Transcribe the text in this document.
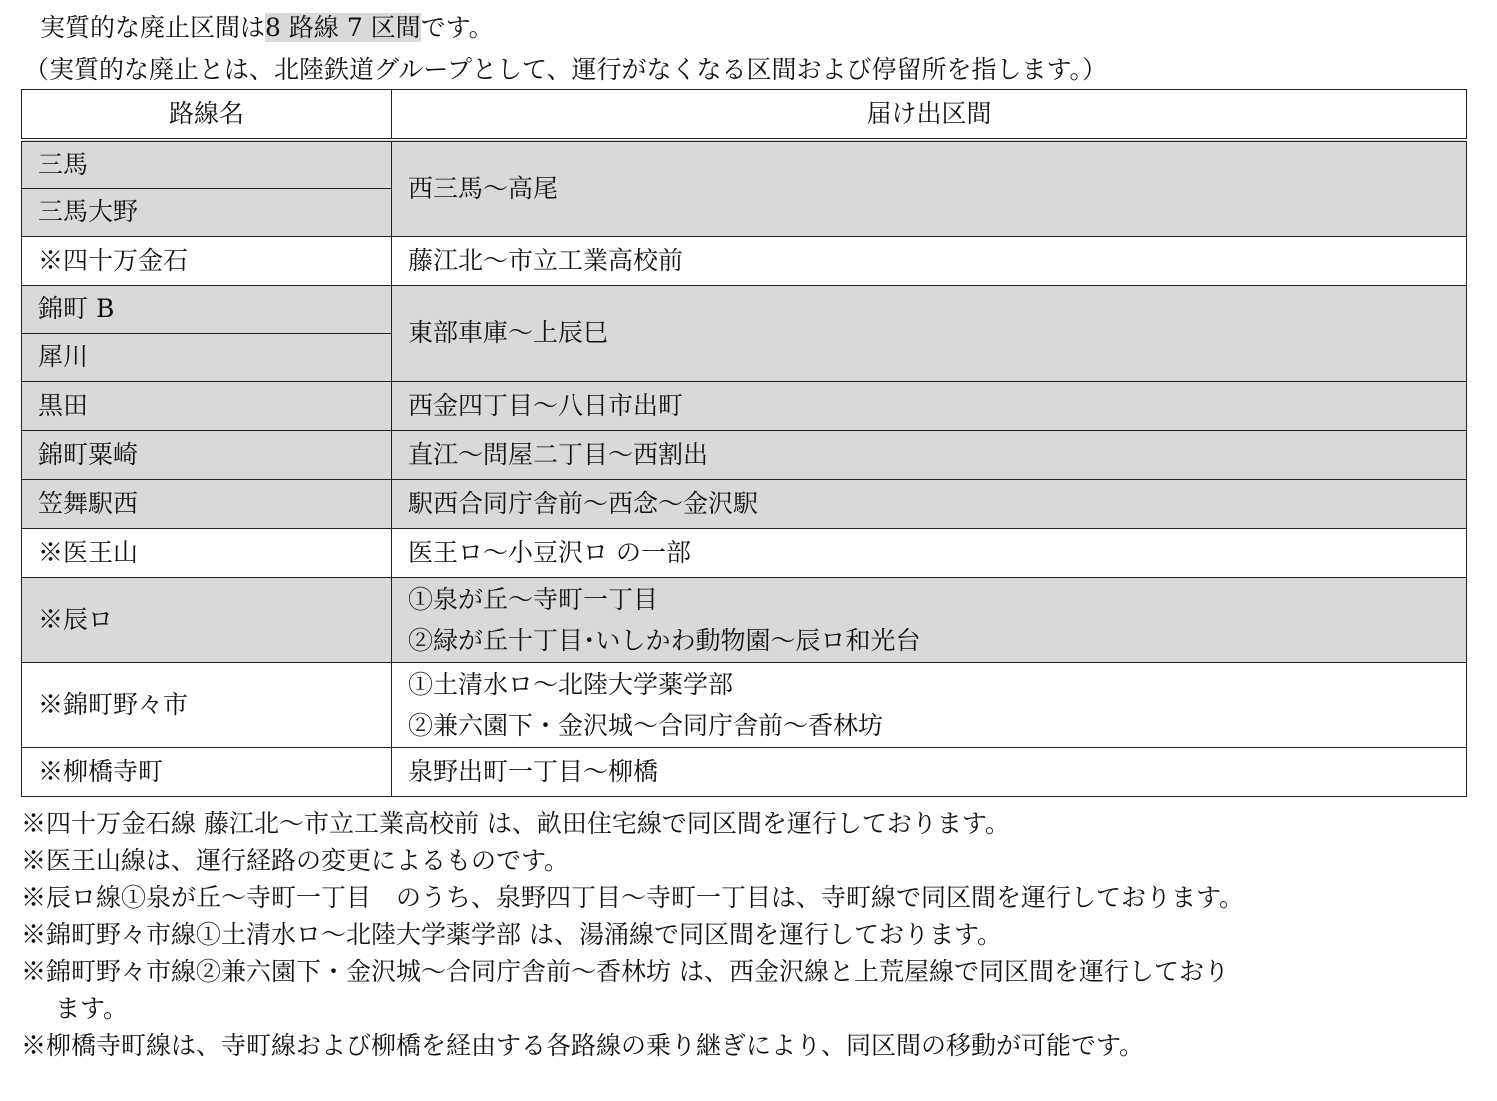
実質的な廃止区間は8 路線 7 区間です。
（実質的な廃止とは、北陸鉄道グループとして、運行がなくなる区間および停留所を指します。）
路線名	届け出区間
三馬	西三馬～高尾
三馬大野	
※四十万金石	藤江北～市立工業高校前
錦町 B	東部車庫～上辰巳
犀川	
黒田	西金四丁目～八日市出町
錦町粟崎	直江～問屋二丁目～西割出
笠舞駅西	駅西合同庁舎前～西念～金沢駅
※医王山	医王ロ～小豆沢ロ の一部
※辰ロ	①泉が丘～寺町一丁目
②緑が丘十丁目･いしかわ動物園～辰ロ和光台

※錦町野々市	①土清水ロ～北陸大学薬学部
②兼六園下・金沢城～合同庁舎前～香林坊

※柳橋寺町	泉野出町一丁目～柳橋
※四十万金石線 藤江北～市立工業高校前 は、畝田住宅線で同区間を運行しております。
※医王山線は、運行経路の変更によるものです。
※辰ロ線①泉が丘～寺町一丁目　のうち、泉野四丁目～寺町一丁目は、寺町線で同区間を運行しております。
※錦町野々市線①土清水ロ～北陸大学薬学部 は、湯涌線で同区間を運行しております。
※錦町野々市線②兼六園下・金沢城～合同庁舎前～香林坊 は、西金沢線と上荒屋線で同区間を運行しており
ます。
※柳橋寺町線は、寺町線および柳橋を経由する各路線の乗り継ぎにより、同区間の移動が可能です。
